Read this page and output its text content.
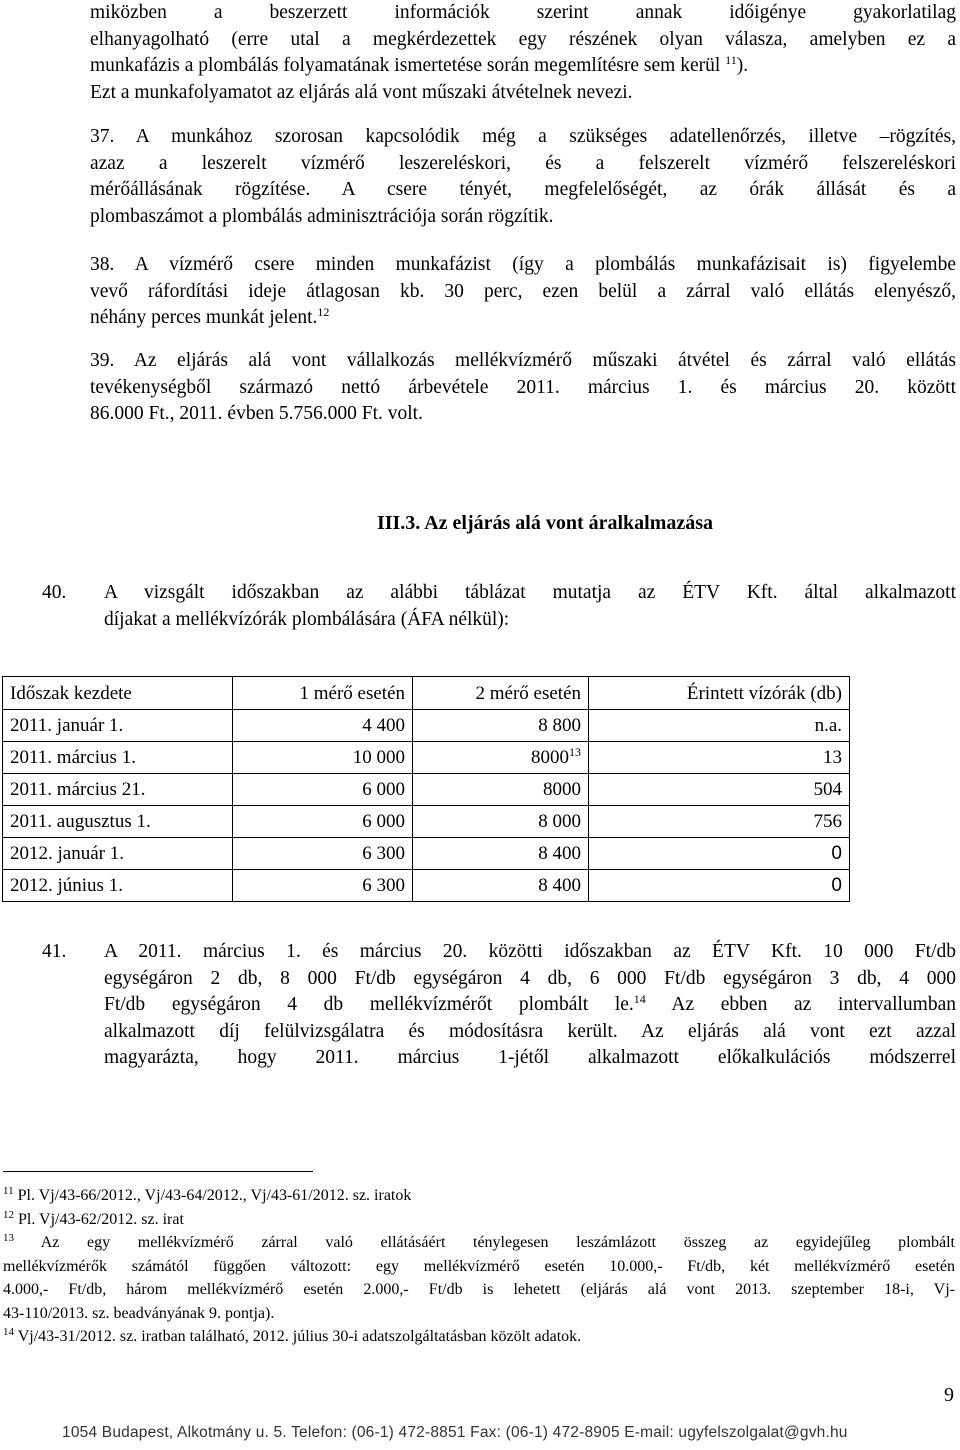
miközben a beszerzett információk szerint annak időigénye gyakorlatilag
elhanyagolható (erre utal a megkérdezettek egy részének olyan válasza, amelyben ez a
munkafázis a plombálás folyamatának ismertetése során megemlítésre sem kerül $^{11}$).
Ezt a munkafolyamatot az eljárás alá vont műszaki átvételnek nevezi.
37. A munkához szorosan kapcsolódik még a szükséges adatellenőrzés, illetve –rögzítés,
azaz a leszerelt vízmérő leszereléskori, és a felszerelt vízmérő felszereléskori
mérőállásának rögzítése. A csere tényét, megfelelőségét, az órák állását és a
plombaszámot a plombálás adminisztrációja során rögzítik.
38. A vízmérő csere minden munkafázist (így a plombálás munkafázisait is) figyelembe
vevő ráfordítási ideje átlagosan kb. 30 perc, ezen belül a zárral való ellátás elenyésző,
néhány perces munkát jelent.$^{12}$
39. Az eljárás alá vont vállalkozás mellékvízmérő műszaki átvétel és zárral való ellátás
tevékenységből származó nettó árbevétele 2011. március 1. és március 20. között
86.000 Ft., 2011. évben 5.756.000 Ft. volt.
III.3. Az eljárás alá vont áralkalmazása
40. A vizsgált időszakban az alábbi táblázat mutatja az ÉTV Kft. által alkalmazott
díjakat a mellékvízórák plombálására (ÁFA nélkül):
Időszak kezdete	1 mérő esetén	2 mérő esetén	Érintett vízórák (db)
2011. január 1.	4 400	8 800	n.a.
2011. március 1.	10 000	8000$^{13}$	13
2011. március 21.	6 000	8000	504
2011. augusztus 1.	6 000	8 000	756
2012. január 1.	6 300	8 400	0
2012. június 1.	6 300	8 400	0
41. A 2011. március 1. és március 20. közötti időszakban az ÉTV Kft. 10 000 Ft/db
egységáron 2 db, 8 000 Ft/db egységáron 4 db, 6 000 Ft/db egységáron 3 db, 4 000
Ft/db egységáron 4 db mellékvízmérőt plombált le.$^{14}$ Az ebben az intervallumban
alkalmazott díj felülvizsgálatra és módosításra került. Az eljárás alá vont ezt azzal
magyarázta, hogy 2011. március 1-jétől alkalmazott előkalkulációs módszerrel
$^{11}$ Pl. Vj/43-66/2012., Vj/43-64/2012., Vj/43-61/2012. sz. iratok
$^{12}$ Pl. Vj/43-62/2012. sz. irat
$^{13}$ Az egy mellékvízmérő zárral való ellátásáért ténylegesen leszámlázott összeg az egyidejűleg plombált
mellékvízmérők számától függően változott: egy mellékvízmérő esetén 10.000,- Ft/db, két mellékvízmérő esetén
4.000,- Ft/db, három mellékvízmérő esetén 2.000,- Ft/db is lehetett (eljárás alá vont 2013. szeptember 18-i, Vj-
43-110/2013. sz. beadványának 9. pontja).
$^{14}$ Vj/43-31/2012. sz. iratban található, 2012. július 30-i adatszolgáltatásban közölt adatok.
9
1054 Budapest, Alkotmány u. 5. Telefon: (06-1) 472-8851 Fax: (06-1) 472-8905 E-mail: ugyfelszolgalat@gvh.hu
